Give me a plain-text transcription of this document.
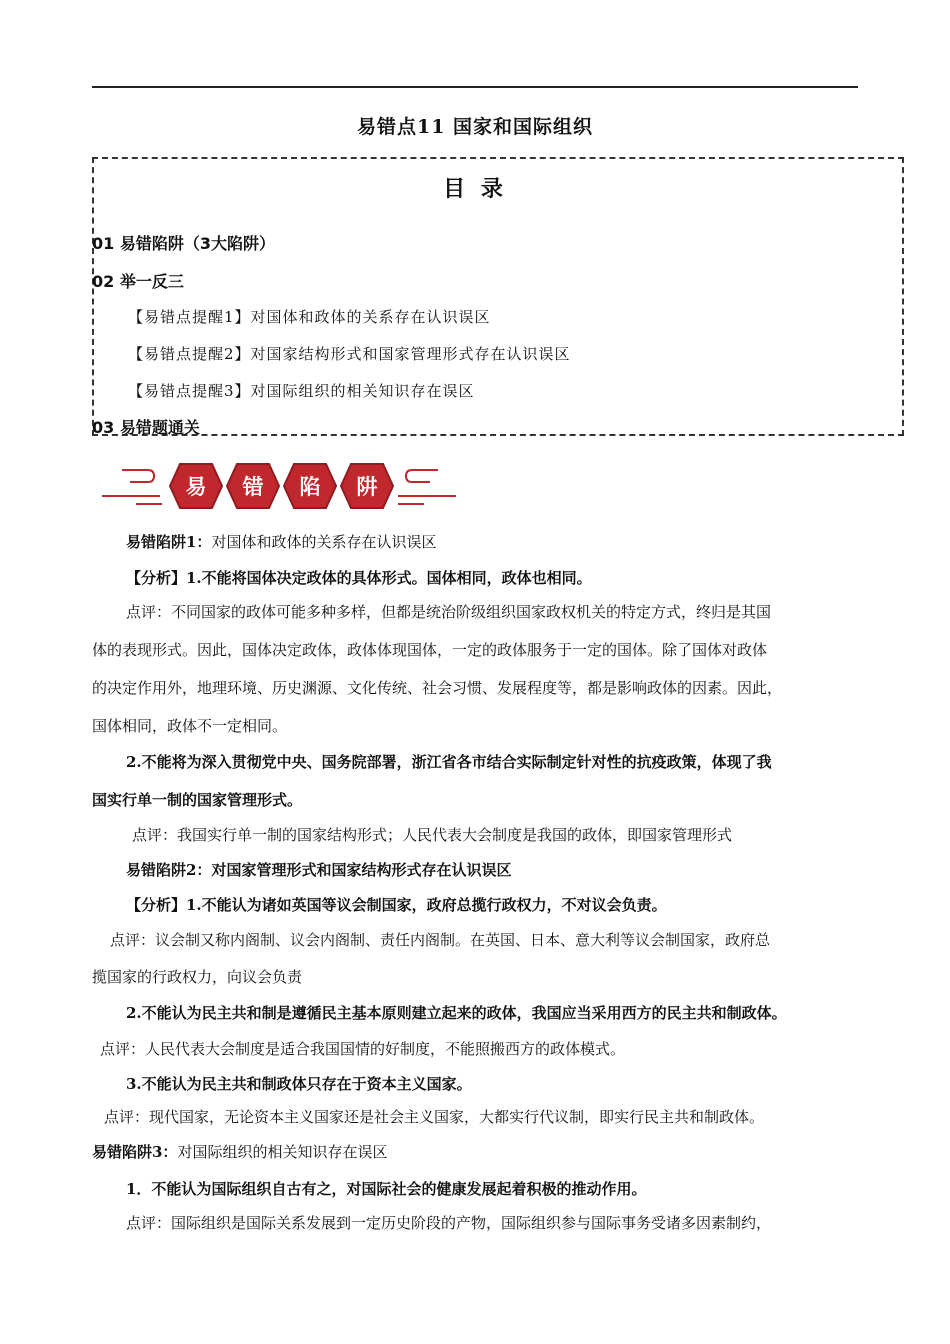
易错点11 国家和国际组织
目 录
01 易错陷阱（3大陷阱）
02 举一反三
【易错点提醒1】对国体和政体的关系存在认识误区
【易错点提醒2】对国家结构形式和国家管理形式存在认识误区
【易错点提醒3】对国际组织的相关知识存在误区
03 易错题通关
易 错 陷 阱
易错陷阱1：对国体和政体的关系存在认识误区
【分析】1.不能将国体决定政体的具体形式。国体相同，政体也相同。
点评：不同国家的政体可能多种多样，但都是统治阶级组织国家政权机关的特定方式，终归是其国
体的表现形式。因此，国体决定政体，政体体现国体，一定的政体服务于一定的国体。除了国体对政体
的决定作用外，地理环境、历史渊源、文化传统、社会习惯、发展程度等，都是影响政体的因素。因此，
国体相同，政体不一定相同。
2.不能将为深入贯彻党中央、国务院部署，浙江省各市结合实际制定针对性的抗疫政策，体现了我
国实行单一制的国家管理形式。
点评：我国实行单一制的国家结构形式；人民代表大会制度是我国的政体，即国家管理形式
易错陷阱2：对国家管理形式和国家结构形式存在认识误区
【分析】1.不能认为诸如英国等议会制国家，政府总揽行政权力，不对议会负责。
点评：议会制又称内阁制、议会内阁制、责任内阁制。在英国、日本、意大利等议会制国家，政府总
揽国家的行政权力，向议会负责
2.不能认为民主共和制是遵循民主基本原则建立起来的政体，我国应当采用西方的民主共和制政体。
点评：人民代表大会制度是适合我国国情的好制度，不能照搬西方的政体模式。
3.不能认为民主共和制政体只存在于资本主义国家。
点评：现代国家，无论资本主义国家还是社会主义国家，大都实行代议制，即实行民主共和制政体。
易错陷阱3：对国际组织的相关知识存在误区
1．不能认为国际组织自古有之，对国际社会的健康发展起着积极的推动作用。
点评：国际组织是国际关系发展到一定历史阶段的产物，国际组织参与国际事务受诸多因素制约，
